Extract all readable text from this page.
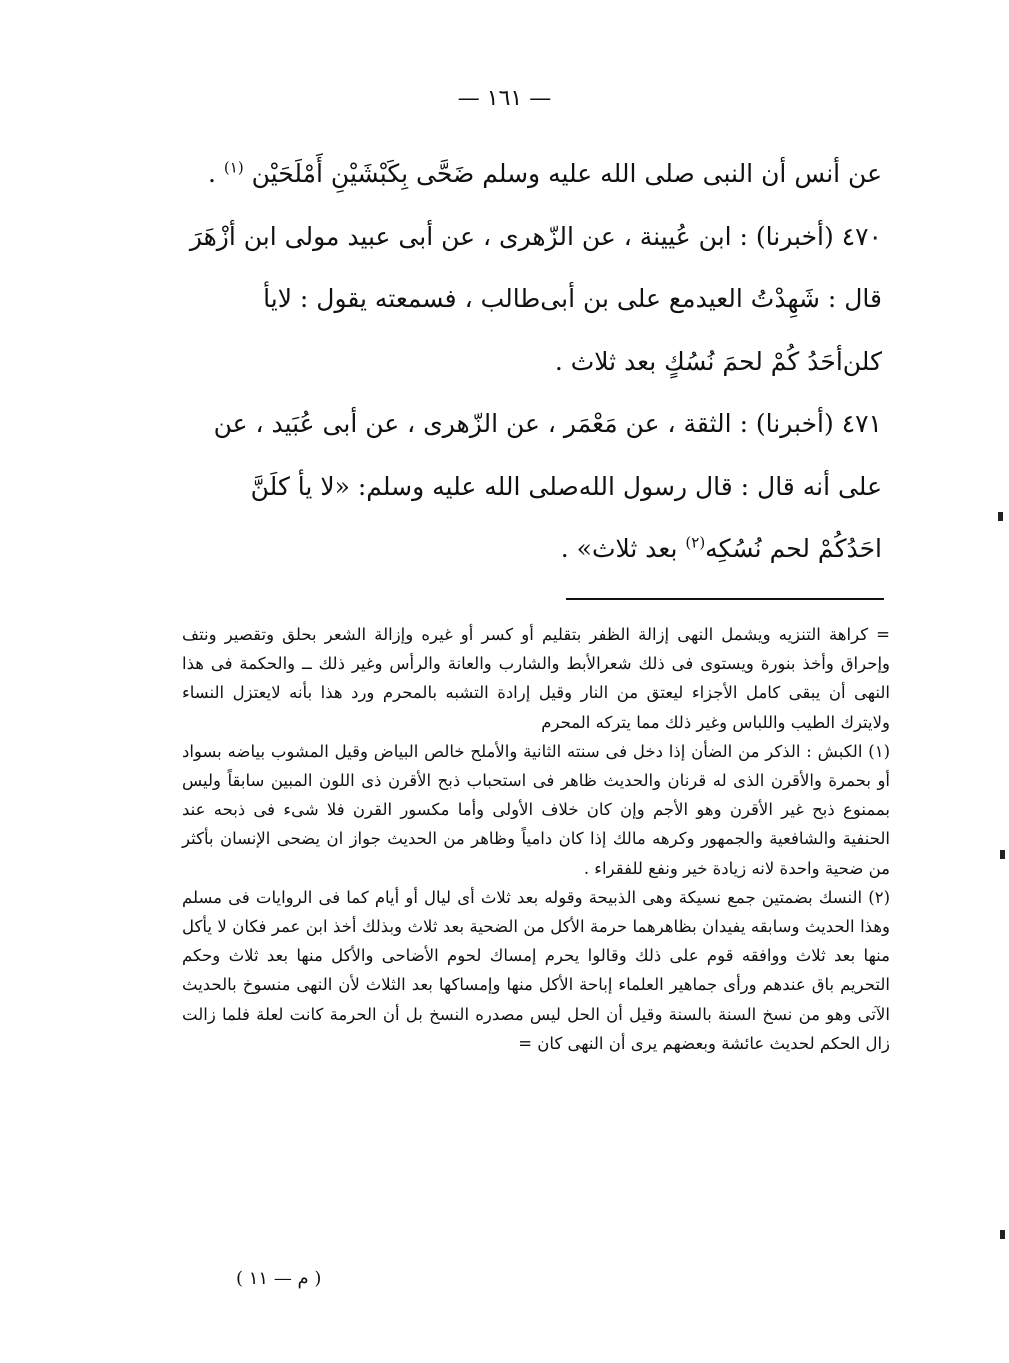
— ١٦١ —

عن أنس أن النبى صلى الله عليه وسلم ضَحَّى بِكَبْشَيْنِ أَمْلَحَيْن $^{(١)}$ .

٤٧٠ (أخبرنا) : ابن عُيينة ، عن الزّهرى ، عن أبى عبيد مولى ابن أزْهَرَ قال : شَهِدْتُ العيدمع على بن أبى‌طالب ، فسمعته يقول : لايأ كلن‌أحَدُ كُمْ لحمَ نُسُكٍ بعد ثلاث .

٤٧١ (أخبرنا) : الثقة ، عن مَعْمَر ، عن الزّهرى ، عن أبى عُبَيد ، عن على أنه قال : قال رسول الله‌صلى الله عليه وسلم: «لا يأ كلَنَّ احَدُكُمْ لحم نُسُكِه$^{(٢)}$ بعد ثلاث» .

= كراهة التنزيه ويشمل النهى إزالة الظفر بتقليم أو كسر أو غيره وإزالة الشعر بحلق وتقصير ونتف وإحراق وأخذ بنورة ويستوى فى ذلك شعرالأبط والشارب والعانة والرأس وغير ذلك ــ والحكمة فى هذا النهى أن يبقى كامل الأجزاء ليعتق من النار وقيل إرادة التشبه بالمحرم ورد هذا بأنه لايعتزل النساء ولايترك الطيب واللباس وغير ذلك مما يتركه المحرم

(١) الكبش : الذكر من الضأن إذا دخل فى سنته الثانية والأملح خالص البياض وقيل المشوب بياضه بسواد أو بحمرة والأقرن الذى له قرنان والحديث ظاهر فى استحباب ذبح الأقرن ذى اللون المبين سابقاً وليس بممنوع ذبح غير الأقرن وهو الأجم وإن كان خلاف الأولى وأما مكسور القرن فلا شىء فى ذبحه عند الحنفية والشافعية والجمهور وكرهه مالك إذا كان دامياً وظاهر من الحديث جواز ان يضحى الإنسان بأكثر من ضحية واحدة لانه زيادة خير ونفع للفقراء .

(٢) النسك بضمتين جمع نسيكة وهى الذبيحة وقوله بعد ثلاث أى ليال أو أيام كما فى الروايات فى مسلم وهذا الحديث وسابقه يفيدان بظاهرهما حرمة الأكل من الضحية بعد ثلاث وبذلك أخذ ابن عمر فكان لا يأكل منها بعد ثلاث ووافقه قوم على ذلك وقالوا يحرم إمساك لحوم الأضاحى والأكل منها بعد ثلاث وحكم التحريم باق عندهم ورأى جماهير العلماء إباحة الأكل منها وإمساكها بعد الثلاث لأن النهى منسوخ بالحديث الآتى وهو من نسخ السنة بالسنة وقيل أن الحل ليس مصدره النسخ بل أن الحرمة كانت لعلة فلما زالت زال الحكم لحديث عائشة وبعضهم يرى أن النهى كان =

( م — ١١ )
